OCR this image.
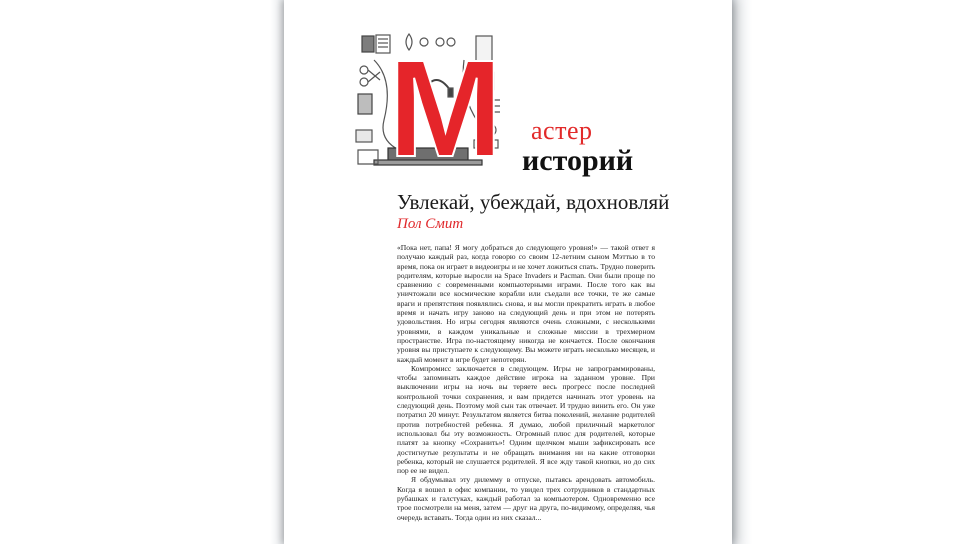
М астер
историй
Увлекай, убеждай, вдохновляй
Пол Смит

«Пока нет, папа! Я могу добраться до следующего уровня!» — такой ответ я получаю каждый раз, когда говорю со своим 12-летним сыном Мэттью в то время, пока он играет в видеоигры и не хочет ложиться спать. Трудно поверить родителям, которые выросли на Space Invaders и Pacman. Они были проще по сравнению с современными компьютерными играми. После того как вы уничтожали все космические корабли или съедали все точки, те же самые враги и препятствия появлялись снова, и вы могли прекратить играть в любое время и начать игру заново на следующий день и при этом не потерять удовольствия. Но игры сегодня являются очень сложными, с несколькими уровнями, в каждом уникальные и сложные миссии в трехмерном пространстве. Игра по-настоящему никогда не кончается. После окончания уровня вы приступаете к следующему. Вы можете играть несколько месяцев, и каждый момент в игре будет непотерян.

Компромисс заключается в следующем. Игры не запрограммированы, чтобы запоминать каждое действие игрока на заданном уровне. При выключении игры на ночь вы теряете весь прогресс после последней контрольной точки сохранения, и вам придется начинать этот уровень на следующий день. Поэтому мой сын так отвечает. И трудно винить его. Он уже потратил 20 минут. Результатом является битва поколений, желание родителей против потребностей ребенка. Я думаю, любой приличный маркетолог использовал бы эту возможность. Огромный плюс для родителей, которые платят за кнопку «Сохранить»! Одним щелчком мыши зафиксировать все достигнутые результаты и не обращать внимания ни на какие отговорки ребенка, который не слушается родителей. Я все жду такой кнопки, но до сих пор ее не видел.

Я обдумывал эту дилемму в отпуске, пытаясь арендовать автомобиль. Когда я вошел в офис компании, то увидел трех сотрудников в стандартных рубашках и галстуках, каждый работал за компьютером. Одновременно все трое посмотрели на меня, затем — друг на друга, по-видимому, определяя, чья очередь вставать. Тогда один из них сказал...
